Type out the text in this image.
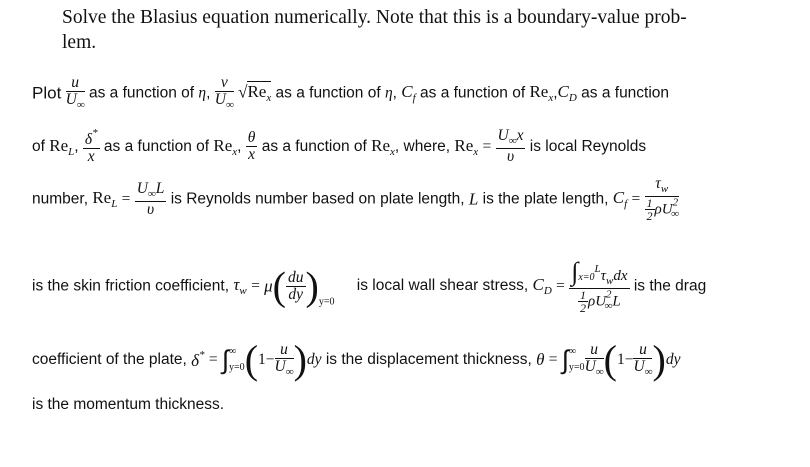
Solve the Blasius equation numerically. Note that this is a boundary-value prob-
lem.
Plot $\frac{u}{U_\infty}$ as a function of η, $\frac{v}{U_\infty} √Re_x$ as a function of η, $C_f$ as a function of $Re_x,C_D$ as a function
of $Re_L$, $\frac{\delta^*}{x}$ as a function of $Re_x$, $\frac{\theta}{x}$ as a function of $Re_x$, where, $Re_x = \frac{U_\infty x}{\upsilon}$ is local Reynolds
number, $Re_L = \frac{U_\infty L}{\upsilon}$ is Reynolds number based on plate length, L is the plate length, $C_f = \frac{\tau_w}{\frac{1}{2} \rho U^2_\infty}$
is the skin friction coefficient, $\tau_w = \mu( \frac{du}{dy} )_{y=0}$ is local wall shear stress, $C_D = \frac{\int x=0^L\tau_wdx}{\frac{1}{2} \rho U^2_\infty L}$ is the drag
coefficient of the plate, δ* = ∫ ∞
y=0 $(1- \frac{u}{U_\infty} )dy$ is the displacement thickness, θ = ∫ ∞
$y=0 \frac{u}{U_\infty} (1- \frac{u}{U_\infty} )dy$
is the momentum thickness.
